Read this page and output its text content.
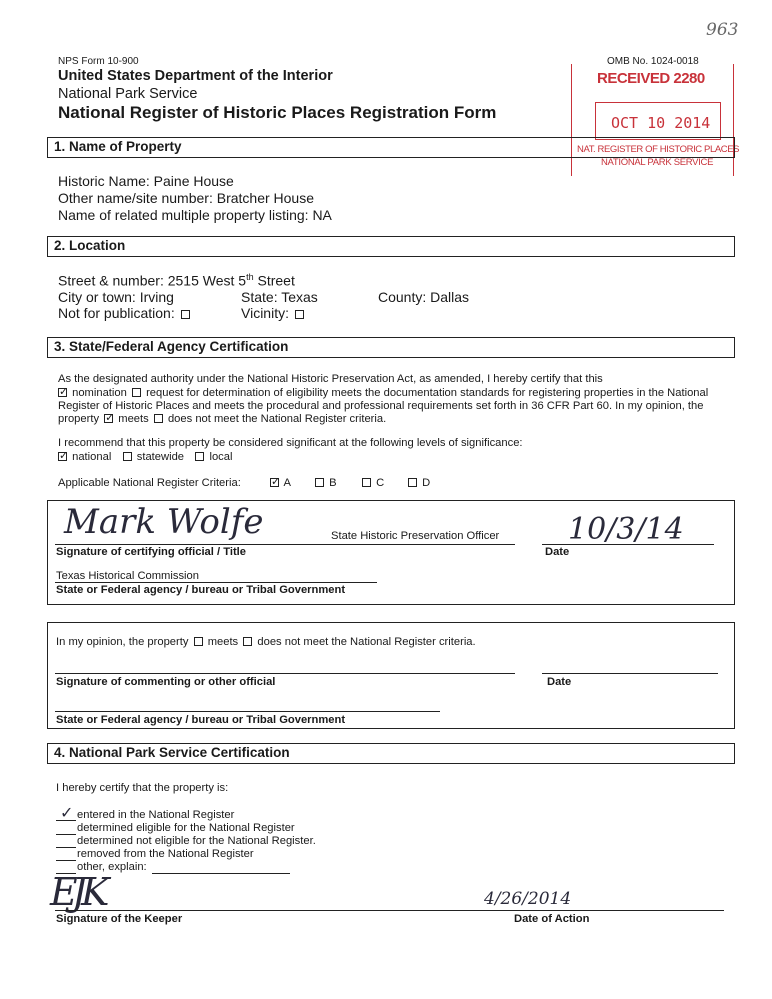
963
NPS Form 10-900	OMB No. 1024-0018
United States Department of the Interior
National Park Service
National Register of Historic Places Registration Form
RECEIVED 2280
OCT 10 2014
NAT. REGISTER OF HISTORIC PLACES
NATIONAL PARK SERVICE
1. Name of Property
Historic Name: Paine House
Other name/site number: Bratcher House
Name of related multiple property listing: NA
2. Location
Street & number: 2515 West 5th Street
City or town: Irving	State: Texas	County: Dallas
Not for publication:	Vicinity:
3. State/Federal Agency Certification
As the designated authority under the National Historic Preservation Act, as amended, I hereby certify that this
✓ nomination request for determination of eligibility meets the documentation standards for registering properties in the National
Register of Historic Places and meets the procedural and professional requirements set forth in 36 CFR Part 60. In my opinion, the
property ✓ meets does not meet the National Register criteria.
I recommend that this property be considered significant at the following levels of significance:
✓ national statewide local
Applicable National Register Criteria: ✓	A	B	C	D
Mark Wolfe	State Historic Preservation Officer 10/3/14
Signature of certifying official / Title	Date
Texas Historical Commission
State or Federal agency / bureau or Tribal Government
In my opinion, the property meets does not meet the National Register criteria.
Signature of commenting or other official	Date
State or Federal agency / bureau or Tribal Government
4. National Park Service Certification
I hereby certify that the property is:
✓ entered in the National Register
determined eligible for the National Register
determined not eligible for the National Register.
removed from the National Register
other, explain:
EJK
Signature of the Keeper
4/26/2014
Date of Action
